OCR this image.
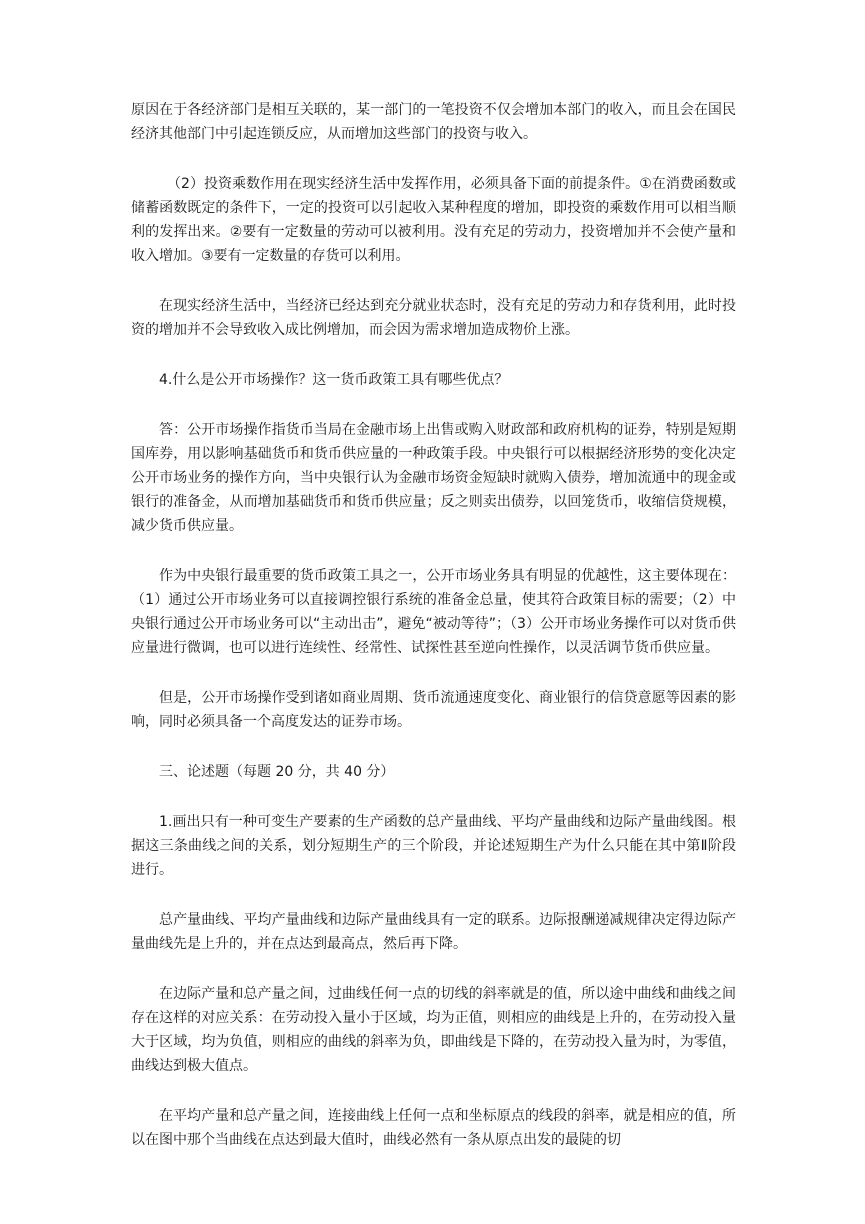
原因在于各经济部门是相互关联的，某一部门的一笔投资不仅会增加本部门的收入，而且会在国民经济其他部门中引起连锁反应，从而增加这些部门的投资与收入。

（2）投资乘数作用在现实经济生活中发挥作用，必须具备下面的前提条件。①在消费函数或储蓄函数既定的条件下，一定的投资可以引起收入某种程度的增加，即投资的乘数作用可以相当顺利的发挥出来。②要有一定数量的劳动可以被利用。没有充足的劳动力，投资增加并不会使产量和收入增加。③要有一定数量的存货可以利用。

在现实经济生活中，当经济已经达到充分就业状态时，没有充足的劳动力和存货利用，此时投资的增加并不会导致收入成比例增加，而会因为需求增加造成物价上涨。

4.什么是公开市场操作？这一货币政策工具有哪些优点？

答：公开市场操作指货币当局在金融市场上出售或购入财政部和政府机构的证券，特别是短期国库券，用以影响基础货币和货币供应量的一种政策手段。中央银行可以根据经济形势的变化决定公开市场业务的操作方向，当中央银行认为金融市场资金短缺时就购入债券，增加流通中的现金或银行的准备金，从而增加基础货币和货币供应量；反之则卖出债券，以回笼货币，收缩信贷规模，减少货币供应量。

作为中央银行最重要的货币政策工具之一，公开市场业务具有明显的优越性，这主要体现在：（1）通过公开市场业务可以直接调控银行系统的准备金总量，使其符合政策目标的需要；（2）中央银行通过公开市场业务可以“主动出击”，避免“被动等待”；（3）公开市场业务操作可以对货币供应量进行微调，也可以进行连续性、经常性、试探性甚至逆向性操作，以灵活调节货币供应量。

但是，公开市场操作受到诸如商业周期、货币流通速度变化、商业银行的信贷意愿等因素的影响，同时必须具备一个高度发达的证券市场。

三、论述题（每题 20 分，共 40 分）

1.画出只有一种可变生产要素的生产函数的总产量曲线、平均产量曲线和边际产量曲线图。根据这三条曲线之间的关系，划分短期生产的三个阶段，并论述短期生产为什么只能在其中第Ⅱ阶段进行。

总产量曲线、平均产量曲线和边际产量曲线具有一定的联系。边际报酬递减规律决定得边际产量曲线先是上升的，并在点达到最高点，然后再下降。

在边际产量和总产量之间，过曲线任何一点的切线的斜率就是的值，所以途中曲线和曲线之间存在这样的对应关系：在劳动投入量小于区域，均为正值，则相应的曲线是上升的，在劳动投入量大于区域，均为负值，则相应的曲线的斜率为负，即曲线是下降的，在劳动投入量为时，为零值，曲线达到极大值点。

在平均产量和总产量之间，连接曲线上任何一点和坐标原点的线段的斜率，就是相应的值，所以在图中那个当曲线在点达到最大值时，曲线必然有一条从原点出发的最陡的切
